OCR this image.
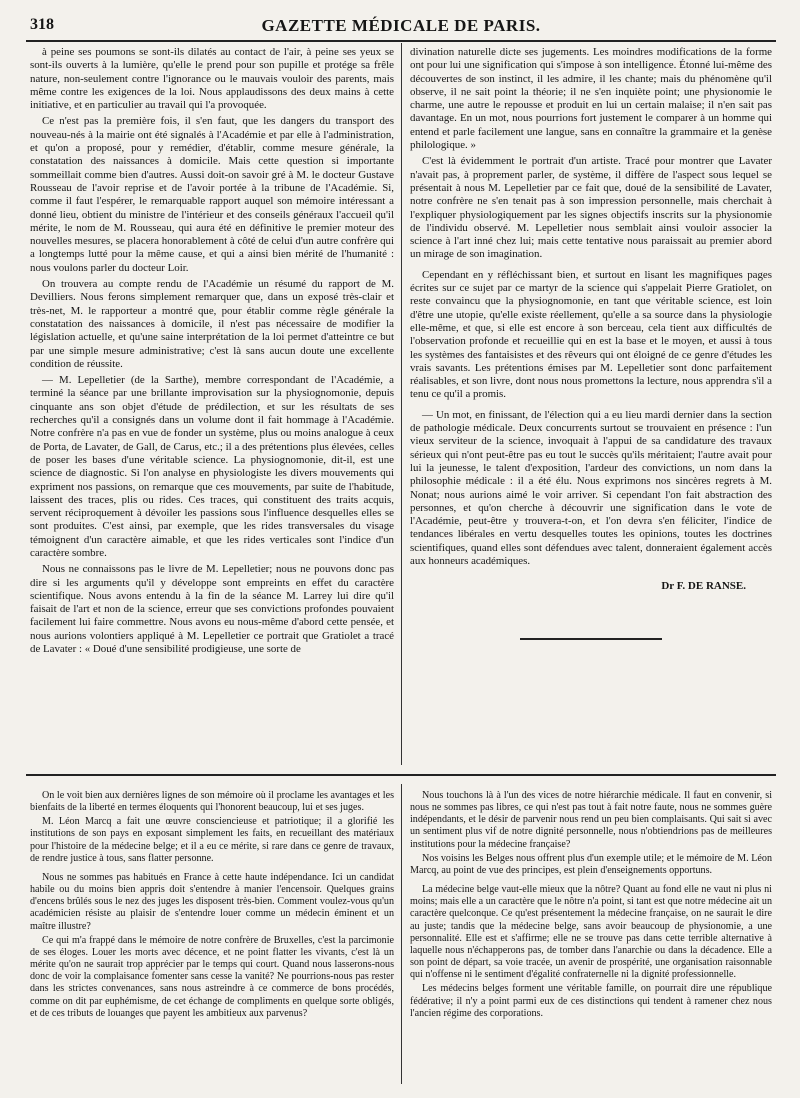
318	GAZETTE MÉDICALE DE PARIS.

à peine ses poumons se sont-ils dilatés au contact de l'air, à peine ses yeux se sont-ils ouverts à la lumière, qu'elle le prend pour son pupille et protége sa frêle nature, non-seulement contre l'ignorance ou le mauvais vouloir des parents, mais même contre les exigences de la loi. Nous applaudissons des deux mains à cette initiative, et en particulier au travail qui l'a provoquée.

Ce n'est pas la première fois, il s'en faut, que les dangers du transport des nouveau-nés à la mairie ont été signalés à l'Académie et par elle à l'administration, et qu'on a proposé, pour y remédier, d'établir, comme mesure générale, la constatation des naissances à domicile. Mais cette question si importante sommeillait comme bien d'autres. Aussi doit-on savoir gré à M. le docteur Gustave Rousseau de l'avoir reprise et de l'avoir portée à la tribune de l'Académie. Si, comme il faut l'espérer, le remarquable rapport auquel son mémoire intéressant a donné lieu, obtient du ministre de l'intérieur et des conseils généraux l'accueil qu'il mérite, le nom de M. Rousseau, qui aura été en définitive le premier moteur des nouvelles mesures, se placera honorablement à côté de celui d'un autre confrère qui a longtemps lutté pour la même cause, et qui a ainsi bien mérité de l'humanité : nous voulons parler du docteur Loir.

On trouvera au compte rendu de l'Académie un résumé du rapport de M. Devilliers. Nous ferons simplement remarquer que, dans un exposé très-clair et très-net, M. le rapporteur a montré que, pour établir comme règle générale la constatation des naissances à domicile, il n'est pas nécessaire de modifier la législation actuelle, et qu'une saine interprétation de la loi permet d'atteintre ce but par une simple mesure administrative; c'est là sans aucun doute une excellente condition de réussite.

— M. Lepelletier (de la Sarthe), membre correspondant de l'Académie, a terminé la séance par une brillante improvisation sur la physiognomonie, depuis cinquante ans son objet d'étude de prédilection, et sur les résultats de ses recherches qu'il a consignés dans un volume dont il fait hommage à l'Académie. Notre confrère n'a pas en vue de fonder un système, plus ou moins analogue à ceux de Porta, de Lavater, de Gall, de Carus, etc.; il a des prétentions plus élevées, celles de poser les bases d'une véritable science. La physiognomonie, dit-il, est une science de diagnostic. Si l'on analyse en physiologiste les divers mouvements qui expriment nos passions, on remarque que ces mouvements, par suite de l'habitude, laissent des traces, plis ou rides. Ces traces, qui constituent des traits acquis, servent réciproquement à dévoiler les passions sous l'influence desquelles elles se sont produites. C'est ainsi, par exemple, que les rides transversales du visage témoignent d'un caractère aimable, et que les rides verticales sont l'indice d'un caractère sombre.

Nous ne connaissons pas le livre de M. Lepelletier; nous ne pouvons donc pas dire si les arguments qu'il y développe sont empreints en effet du caractère scientifique. Nous avons entendu à la fin de la séance M. Larrey lui dire qu'il faisait de l'art et non de la science, erreur que ses convictions profondes pouvaient facilement lui faire commettre. Nous avons eu nous-même d'abord cette pensée, et nous aurions volontiers appliqué à M. Lepelletier ce portrait que Gratiolet a tracé de Lavater : « Doué d'une sensibilité prodigieuse, une sorte de

divination naturelle dicte ses jugements. Les moindres modifications de la forme ont pour lui une signification qui s'impose à son intelligence. Étonné lui-même des découvertes de son instinct, il les admire, il les chante; mais du phénomène qu'il observe, il ne sait point la théorie; il ne s'en inquiète point; une physionomie le charme, une autre le repousse et produit en lui un certain malaise; il n'en sait pas davantage. En un mot, nous pourrions fort justement le comparer à un homme qui entend et parle facilement une langue, sans en connaître la grammaire et la genèse philologique. »

C'est là évidemment le portrait d'un artiste. Tracé pour montrer que Lavater n'avait pas, à proprement parler, de système, il diffère de l'aspect sous lequel se présentait à nous M. Lepelletier par ce fait que, doué de la sensibilité de Lavater, notre confrère ne s'en tenait pas à son impression personnelle, mais cherchait à l'expliquer physiologiquement par les signes objectifs inscrits sur la physionomie de l'individu observé. M. Lepelletier nous semblait ainsi vouloir associer la science à l'art inné chez lui; mais cette tentative nous paraissait au premier abord un mirage de son imagination.

Cependant en y réfléchissant bien, et surtout en lisant les magnifiques pages écrites sur ce sujet par ce martyr de la science qui s'appelait Pierre Gratiolet, on reste convaincu que la physiognomonie, en tant que véritable science, est loin d'être une utopie, qu'elle existe réellement, qu'elle a sa source dans la physiologie elle-même, et que, si elle est encore à son berceau, cela tient aux difficultés de l'observation profonde et recueillie qui en est la base et le moyen, et aussi à tous les systèmes des fantaisistes et des rêveurs qui ont éloigné de ce genre d'études les vrais savants. Les prétentions émises par M. Lepelletier sont donc parfaitement réalisables, et son livre, dont nous nous promettons la lecture, nous apprendra s'il a tenu ce qu'il a promis.

— Un mot, en finissant, de l'élection qui a eu lieu mardi dernier dans la section de pathologie médicale. Deux concurrents surtout se trouvaient en présence : l'un vieux serviteur de la science, invoquait à l'appui de sa candidature des travaux sérieux qui n'ont peut-être pas eu tout le succès qu'ils méritaient; l'autre avait pour lui la jeunesse, le talent d'exposition, l'ardeur des convictions, un nom dans la philosophie médicale : il a été élu. Nous exprimons nos sincères regrets à M. Nonat; nous aurions aimé le voir arriver. Si cependant l'on fait abstraction des personnes, et qu'on cherche à découvrir une signification dans le vote de l'Académie, peut-être y trouvera-t-on, et l'on devra s'en féliciter, l'indice de tendances libérales en vertu desquelles toutes les opinions, toutes les doctrines scientifiques, quand elles sont défendues avec talent, donneraient également accès aux honneurs académiques.

Dr F. DE RANSE.

On le voit bien aux dernières lignes de son mémoire où il proclame les avantages et les bienfaits de la liberté en termes éloquents qui l'honorent beaucoup, lui et ses juges.

M. Léon Marcq a fait une œuvre consciencieuse et patriotique; il a glorifié les institutions de son pays en exposant simplement les faits, en recueillant des matériaux pour l'histoire de la médecine belge; et il a eu ce mérite, si rare dans ce genre de travaux, de rendre justice à tous, sans flatter personne.

Nous ne sommes pas habitués en France à cette haute indépendance. Ici un candidat habile ou du moins bien appris doit s'entendre à manier l'encensoir. Quelques grains d'encens brûlés sous le nez des juges les disposent très-bien. Comment voulez-vous qu'un académicien résiste au plaisir de s'entendre louer comme un médecin éminent et un maître illustre?

Ce qui m'a frappé dans le mémoire de notre confrère de Bruxelles, c'est la parcimonie de ses éloges. Louer les morts avec décence, et ne point flatter les vivants, c'est là un mérite qu'on ne saurait trop apprécier par le temps qui court. Quand nous lasserons-nous donc de voir la complaisance fomenter sans cesse la vanité? Ne pourrions-nous pas rester dans les strictes convenances, sans nous astreindre à ce commerce de bons procédés, comme on dit par euphémisme, de cet échange de compliments en quelque sorte obligés, et de ces tributs de louanges que payent les ambitieux aux parvenus?

Nous touchons là à l'un des vices de notre hiérarchie médicale. Il faut en convenir, si nous ne sommes pas libres, ce qui n'est pas tout à fait notre faute, nous ne sommes guère indépendants, et le désir de parvenir nous rend un peu bien complaisants. Qui sait si avec un sentiment plus vif de notre dignité personnelle, nous n'obtiendrions pas de meilleures institutions pour la médecine française?

Nos voisins les Belges nous offrent plus d'un exemple utile; et le mémoire de M. Léon Marcq, au point de vue des principes, est plein d'enseignements opportuns.

La médecine belge vaut-elle mieux que la nôtre? Quant au fond elle ne vaut ni plus ni moins; mais elle a un caractère que le nôtre n'a point, si tant est que notre médecine ait un caractère quelconque. Ce qu'est présentement la médecine française, on ne saurait le dire au juste; tandis que la médecine belge, sans avoir beaucoup de physionomie, a une personnalité. Elle est et s'affirme; elle ne se trouve pas dans cette terrible alternative à laquelle nous n'échapperons pas, de tomber dans l'anarchie ou dans la décadence. Elle a son point de départ, sa voie tracée, un avenir de prospérité, une organisation raisonnable qui n'offense ni le sentiment d'égalité confraternelle ni la dignité professionnelle.

Les médecins belges forment une véritable famille, on pourrait dire une république fédérative; il n'y a point parmi eux de ces distinctions qui tendent à ramener chez nous l'ancien régime des corporations.
